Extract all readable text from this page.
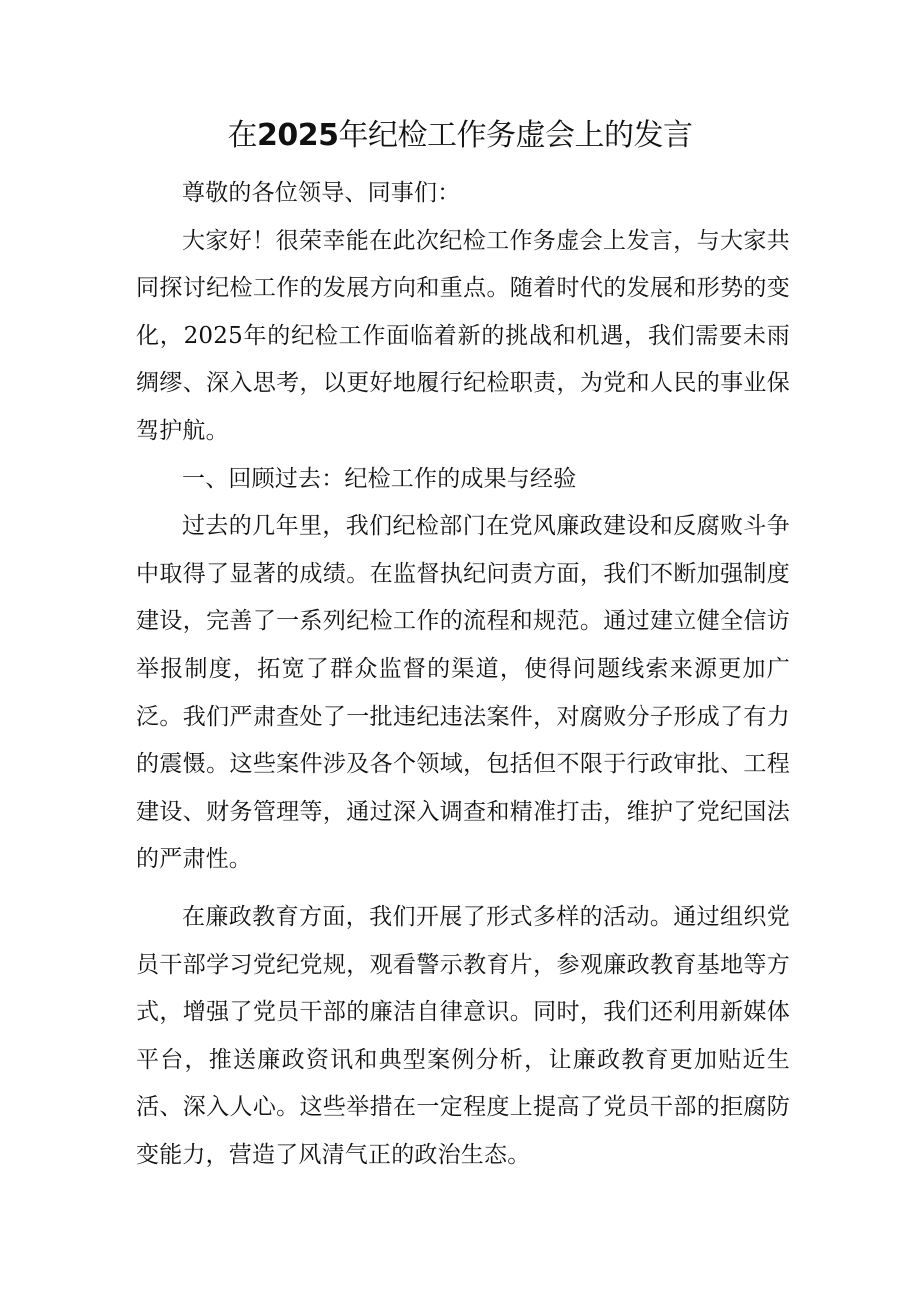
在2025年纪检工作务虚会上的发言

尊敬的各位领导、同事们：

大家好！很荣幸能在此次纪检工作务虚会上发言，与大家共同探讨纪检工作的发展方向和重点。随着时代的发展和形势的变化，2025年的纪检工作面临着新的挑战和机遇，我们需要未雨绸缪、深入思考，以更好地履行纪检职责，为党和人民的事业保驾护航。

一、回顾过去：纪检工作的成果与经验

过去的几年里，我们纪检部门在党风廉政建设和反腐败斗争中取得了显著的成绩。在监督执纪问责方面，我们不断加强制度建设，完善了一系列纪检工作的流程和规范。通过建立健全信访举报制度，拓宽了群众监督的渠道，使得问题线索来源更加广泛。我们严肃查处了一批违纪违法案件，对腐败分子形成了有力的震慑。这些案件涉及各个领域，包括但不限于行政审批、工程建设、财务管理等，通过深入调查和精准打击，维护了党纪国法的严肃性。

在廉政教育方面，我们开展了形式多样的活动。通过组织党员干部学习党纪党规，观看警示教育片，参观廉政教育基地等方式，增强了党员干部的廉洁自律意识。同时，我们还利用新媒体平台，推送廉政资讯和典型案例分析，让廉政教育更加贴近生活、深入人心。这些举措在一定程度上提高了党员干部的拒腐防变能力，营造了风清气正的政治生态。
